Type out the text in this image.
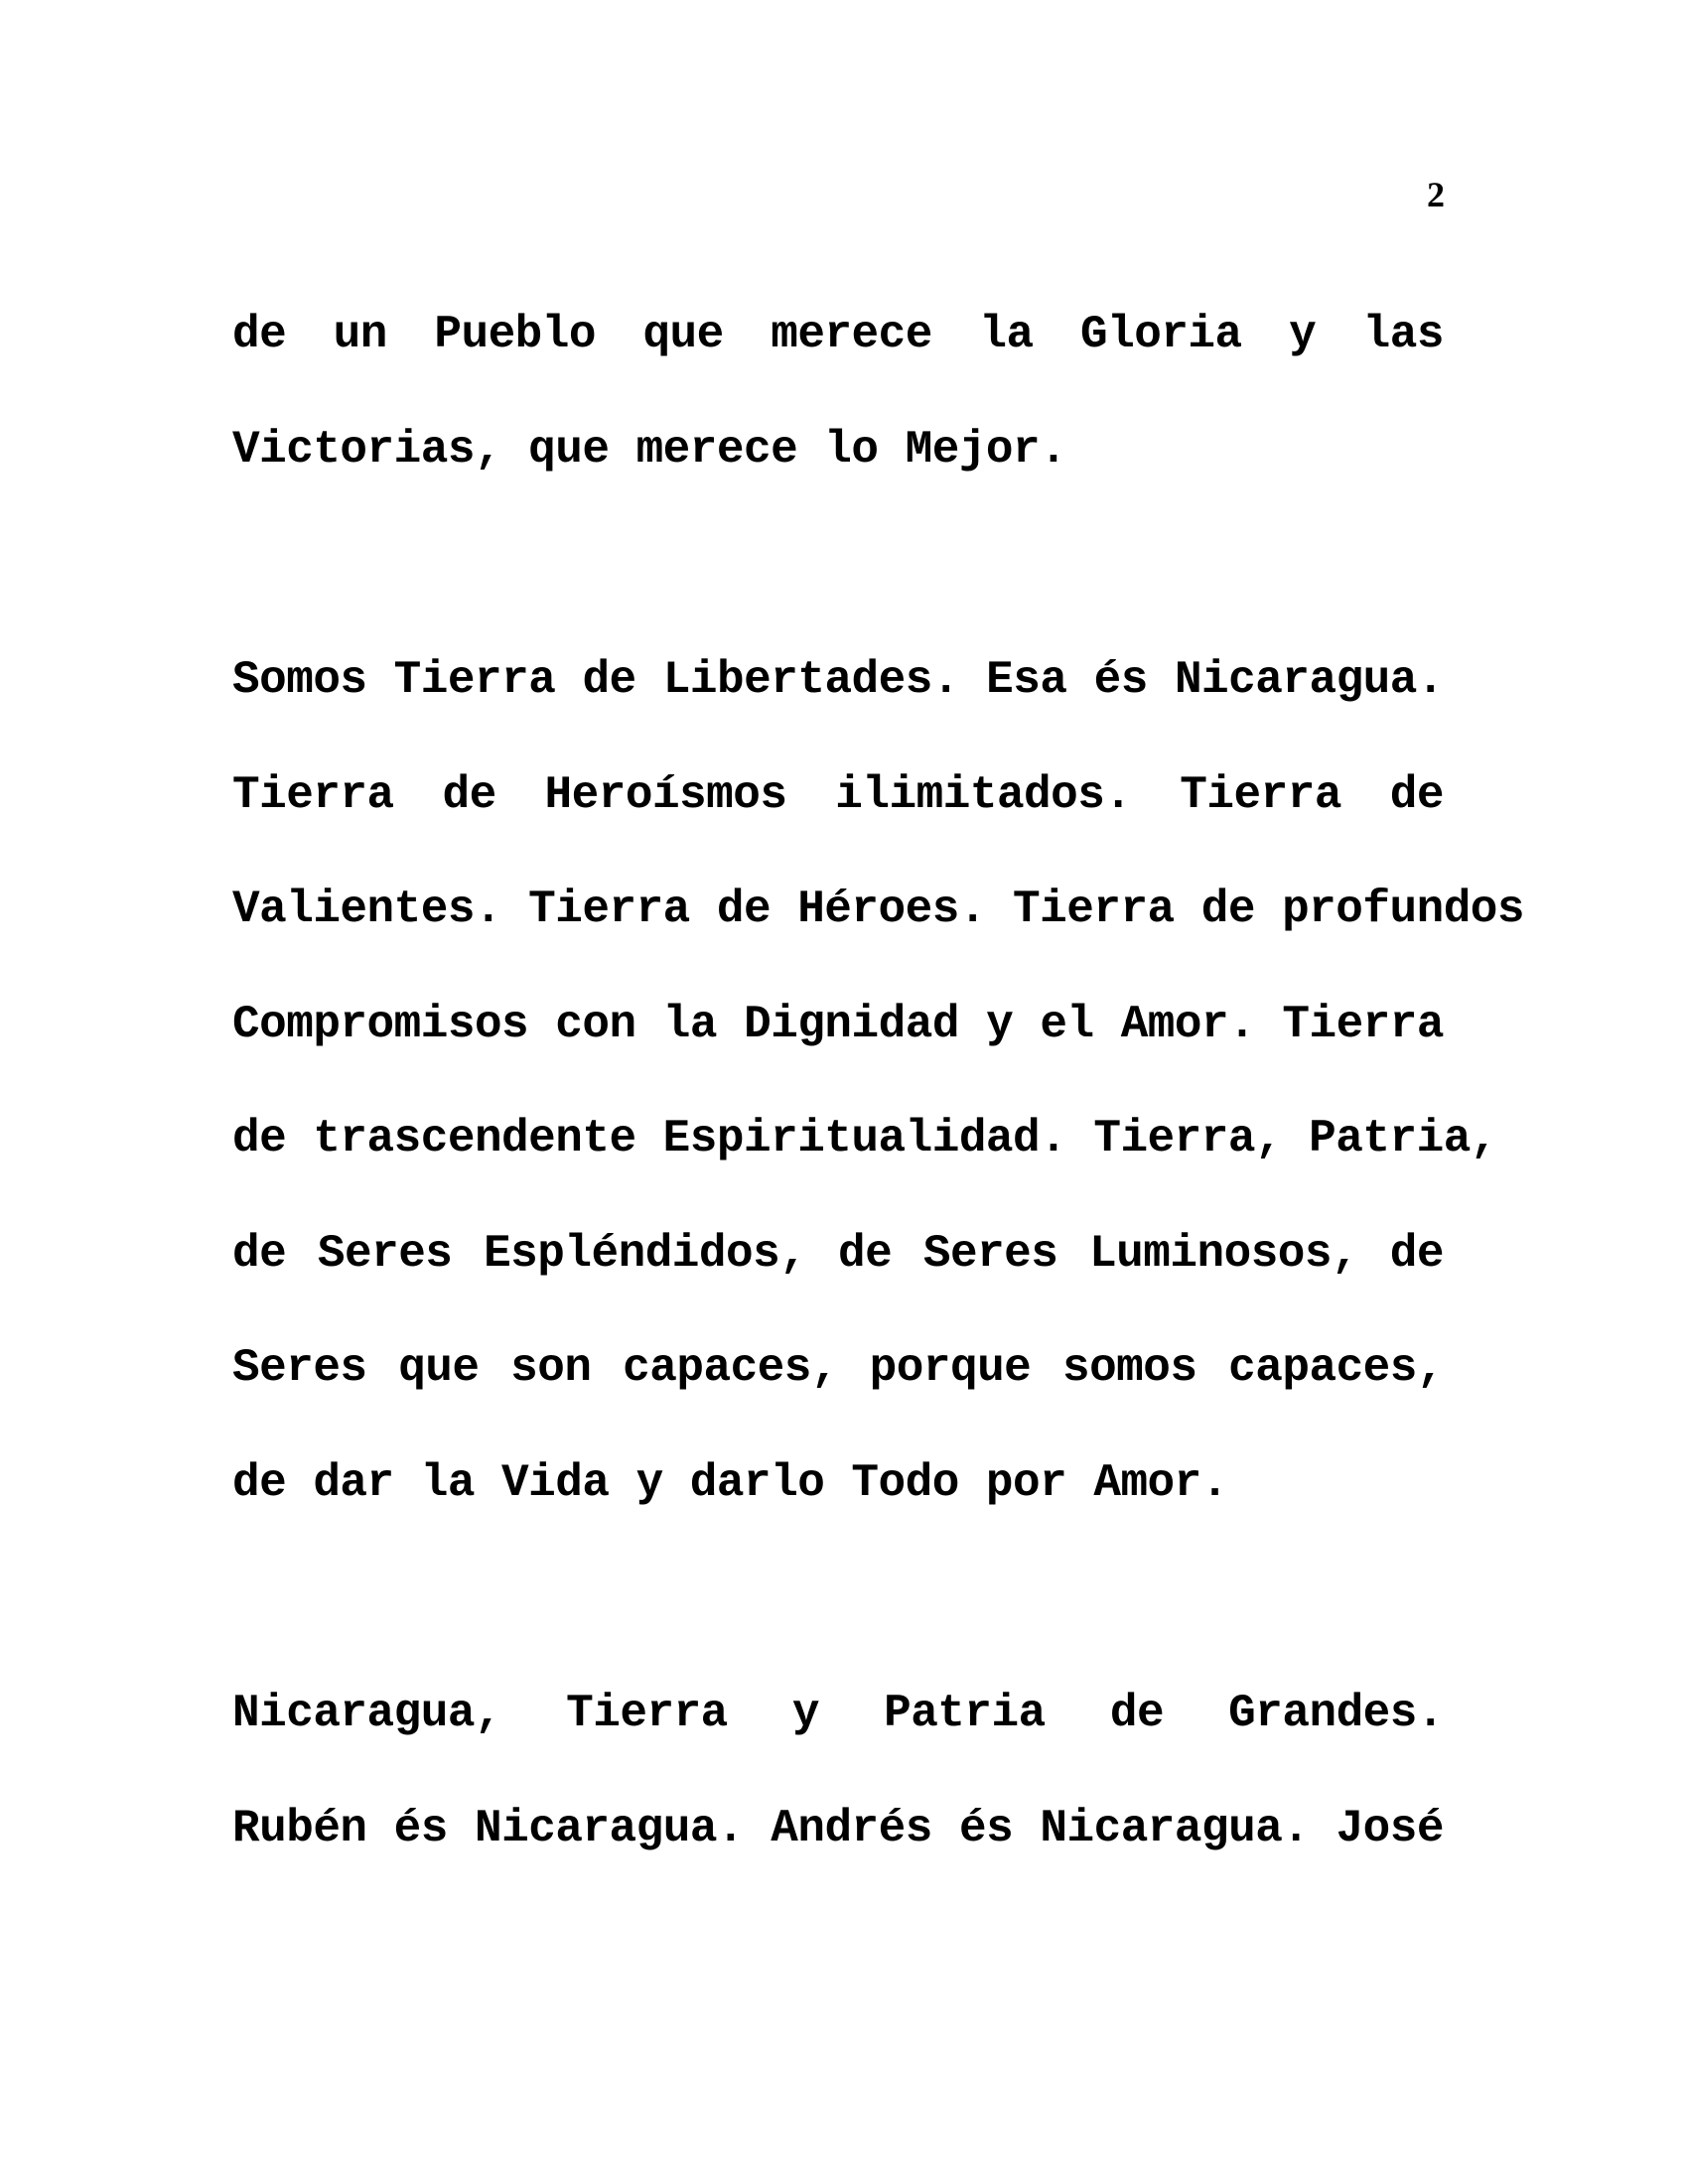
2
de un Pueblo que merece la Gloria y las
Victorias, que merece lo Mejor.
Somos Tierra de Libertades. Esa és Nicaragua.
Tierra de Heroísmos ilimitados. Tierra de
Valientes. Tierra de Héroes. Tierra de profundos
Compromisos con la Dignidad y el Amor. Tierra
de trascendente Espiritualidad. Tierra, Patria,
de Seres Espléndidos, de Seres Luminosos, de
Seres que son capaces, porque somos capaces,
de dar la Vida y darlo Todo por Amor.
Nicaragua, Tierra y Patria de Grandes.
Rubén és Nicaragua. Andrés és Nicaragua. José
